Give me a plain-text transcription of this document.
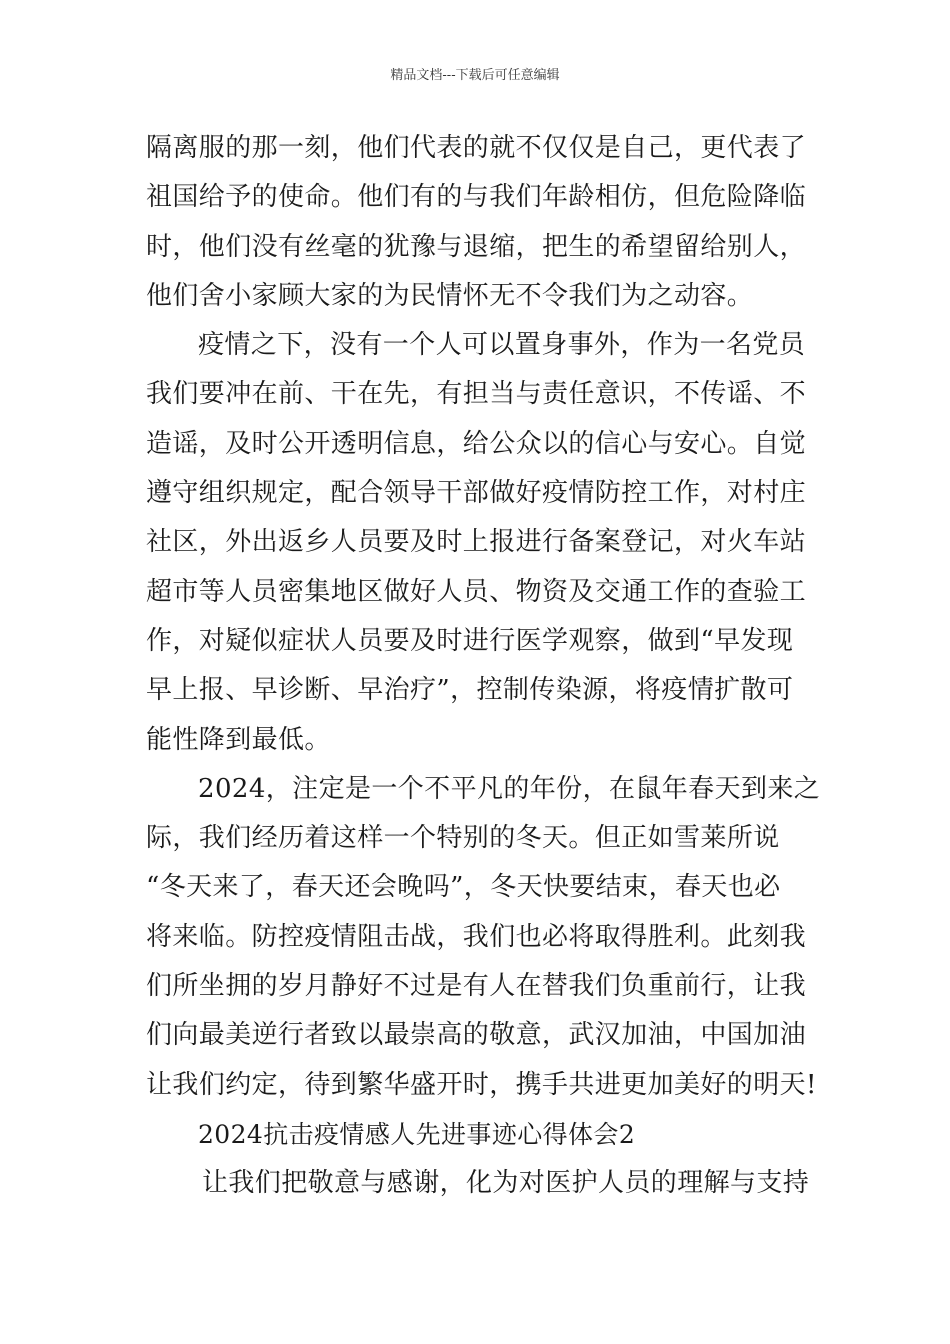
精品文档---下载后可任意编辑
隔离服的那一刻，他们代表的就不仅仅是自己，更代表了
祖国给予的使命。他们有的与我们年龄相仿，但危险降临
时，他们没有丝毫的犹豫与退缩，把生的希望留给别人，
他们舍小家顾大家的为民情怀无不令我们为之动容。
疫情之下，没有一个人可以置身事外，作为一名党员
我们要冲在前、干在先，有担当与责任意识，不传谣、不
造谣，及时公开透明信息，给公众以的信心与安心。自觉
遵守组织规定，配合领导干部做好疫情防控工作，对村庄
社区，外出返乡人员要及时上报进行备案登记，对火车站
超市等人员密集地区做好人员、物资及交通工作的查验工
作，对疑似症状人员要及时进行医学观察，做到“早发现
早上报、早诊断、早治疗”，控制传染源，将疫情扩散可
能性降到最低。
2024，注定是一个不平凡的年份，在鼠年春天到来之
际，我们经历着这样一个特别的冬天。但正如雪莱所说
“冬天来了，春天还会晚吗”，冬天快要结束，春天也必
将来临。防控疫情阻击战，我们也必将取得胜利。此刻我
们所坐拥的岁月静好不过是有人在替我们负重前行，让我
们向最美逆行者致以最崇高的敬意，武汉加油，中国加油
让我们约定，待到繁华盛开时，携手共进更加美好的明天!
2024抗击疫情感人先进事迹心得体会2
让我们把敬意与感谢，化为对医护人员的理解与支持
